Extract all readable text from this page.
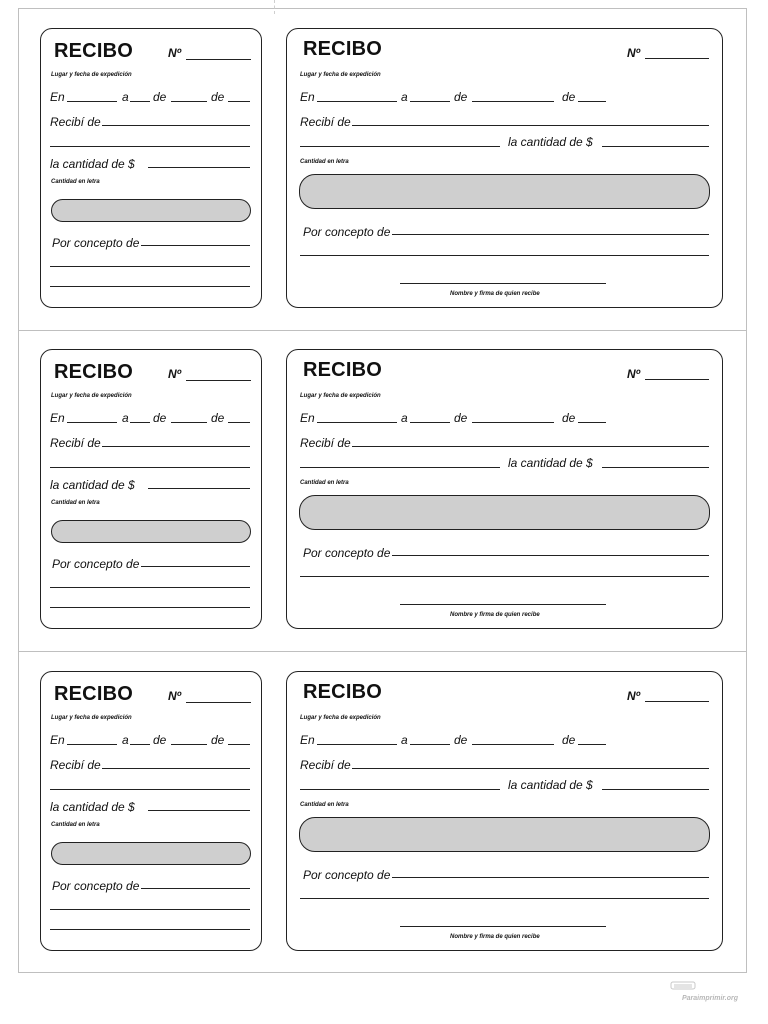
RECIBO	Nº
Lugar y fecha de expedición
En	a de	de
Recibí de
la cantidad de $
Cantidad en letra
Por concepto de
RECIBO	Nº
Lugar y fecha de expedición
En	a	de	de
Recibí de
la cantidad de $
Cantidad en letra
Por concepto de
Nombre y firma de quien recibe
RECIBO	Nº
Lugar y fecha de expedición
En	a de	de
Recibí de
la cantidad de $
Cantidad en letra
Por concepto de
RECIBO	Nº
Lugar y fecha de expedición
En	a	de	de
Recibí de
la cantidad de $
Cantidad en letra
Por concepto de
Nombre y firma de quien recibe
RECIBO	Nº
Lugar y fecha de expedición
En	a de	de
Recibí de
la cantidad de $
Cantidad en letra
Por concepto de
RECIBO	Nº
Lugar y fecha de expedición
En	a	de	de
Recibí de
la cantidad de $
Cantidad en letra
Por concepto de
Nombre y firma de quien recibe
Paraimprimir.org
